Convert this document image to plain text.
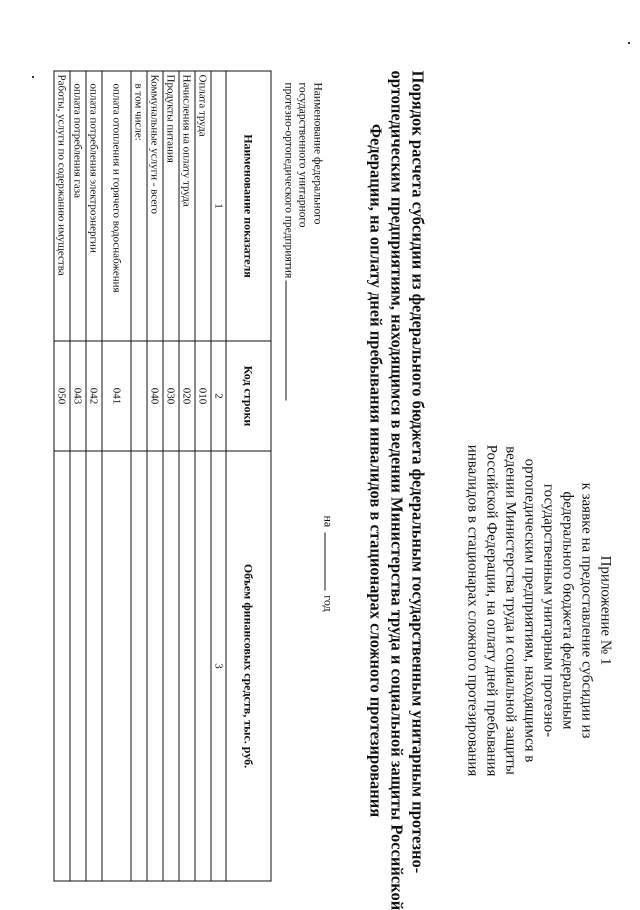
Приложение № 1
к заявке на предоставление субсидии из
федерального бюджета федеральным
государственным унитарным протезно-
ортопедическим предприятиям, находящимся в
ведении Министерства труда и социальной защиты
Российской Федерации, на оплату дней пребывания
инвалидов в стационарах сложного протезирования
Порядок расчета субсидии из федерального бюджета федеральным государственным унитарным протезно-
ортопедическим предприятиям, находящимся в ведении Министерства труда и социальной защиты Российской
Федерации, на оплату дней пребывания инвалидов в стационарах сложного протезирования
на  год
Наименование федерального
государственного унитарного
протезно-ортопедического предприятия
Наименование показателя	Код строки	Объем финансовых средств, тыс. руб.
1	2	3
Оплата труда	010	
Начисления на оплату труда	020	
Продукты питания	030	
Коммунальные услуги - всего	040	
в том числе:		
оплата отопления и горячего водоснабжения	041	
оплата потребления электроэнергии	042	
оплата потребления газа	043	
Работы, услуги по содержанию имущества	050	
